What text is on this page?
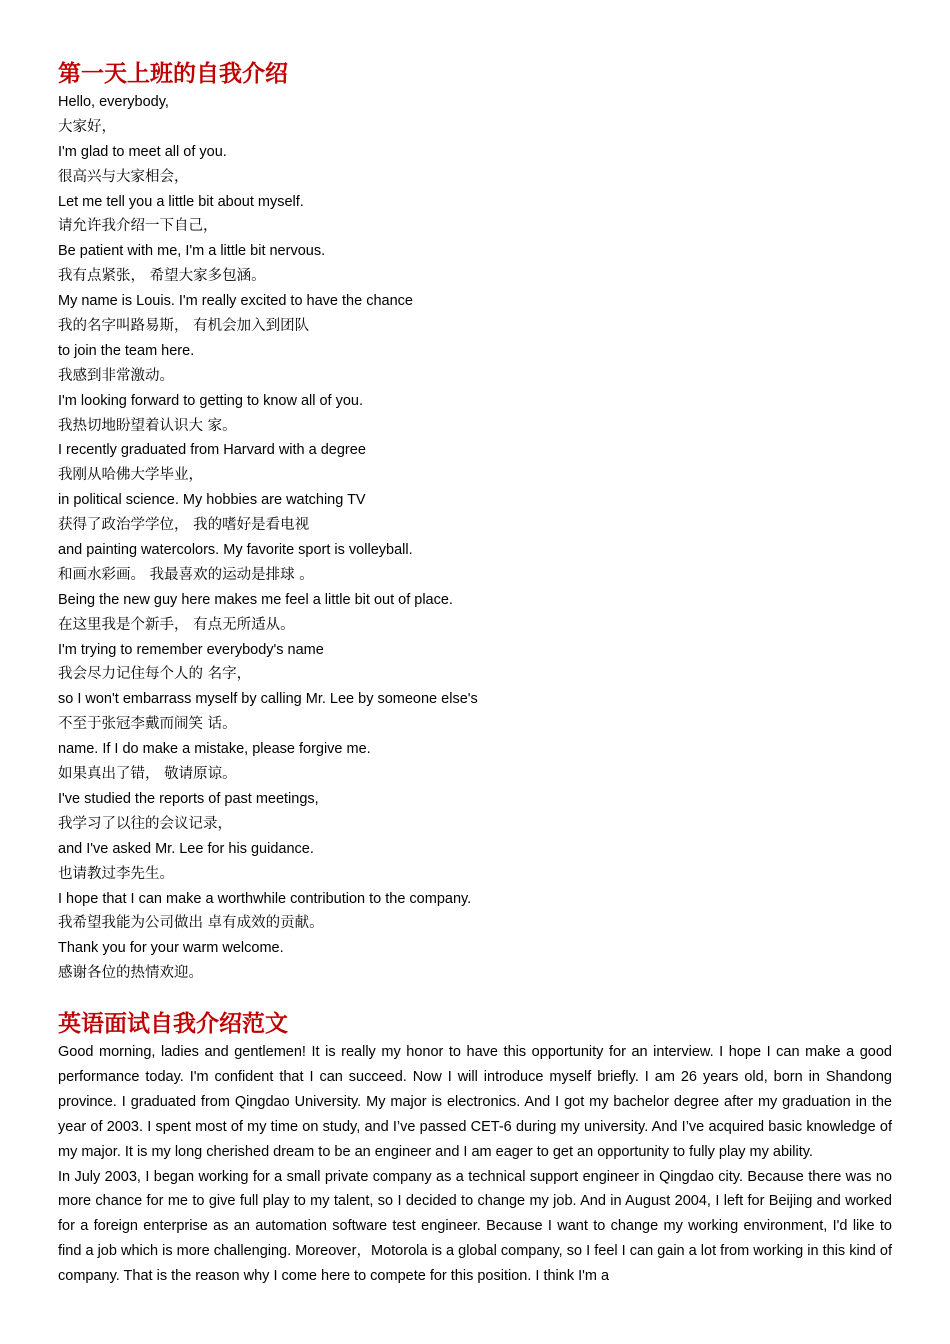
第一天上班的自我介绍

Hello, everybody,

大家好，

I'm glad to meet all of you.

很高兴与大家相会，

Let me tell you a little bit about myself.

请允许我介绍一下自己，

Be patient with me, I'm a little bit nervous.

我有点紧张， 希望大家多包涵。

My name is Louis. I'm really excited to have the chance

我的名字叫路易斯， 有机会加入到团队

to join the team here.

我感到非常激动。

I'm looking forward to getting to know all of you.

我热切地盼望着认识大 家。

I recently graduated from Harvard with a degree

我刚从哈佛大学毕业，

in political science. My hobbies are watching TV

获得了政治学学位， 我的嗜好是看电视

and painting watercolors. My favorite sport is volleyball.

和画水彩画。 我最喜欢的运动是排球 。

Being the new guy here makes me feel a little bit out of place.

在这里我是个新手， 有点无所适从。

I'm trying to remember everybody's name

我会尽力记住每个人的 名字，

so I won't embarrass myself by calling Mr. Lee by someone else's

不至于张冠李戴而闹笑 话。

name. If I do make a mistake, please forgive me.

如果真出了错， 敬请原谅。

I've studied the reports of past meetings,

我学习了以往的会议记录，

and I've asked Mr. Lee for his guidance.

也请教过李先生。

I hope that I can make a worthwhile contribution to the company.

我希望我能为公司做出 卓有成效的贡献。

Thank you for your warm welcome.

感谢各位的热情欢迎。

英语面试自我介绍范文

Good morning, ladies and gentlemen! It is really my honor to have this opportunity for an interview. I hope I can make a good performance today. I'm confident that I can succeed. Now I will introduce myself briefly. I am 26 years old, born in Shandong province. I graduated from Qingdao University. My major is electronics. And I got my bachelor degree after my graduation in the year of 2003. I spent most of my time on study, and I’ve passed CET-6 during my university. And I’ve acquired basic knowledge of my major. It is my long cherished dream to be an engineer and I am eager to get an opportunity to fully play my ability.

In July 2003, I began working for a small private company as a technical support engineer in Qingdao city. Because there was no more chance for me to give full play to my talent, so I decided to change my job. And in August 2004, I left for Beijing and worked for a foreign enterprise as an automation software test engineer. Because I want to change my working environment, I'd like to find a job which is more challenging. Moreover，Motorola is a global company, so I feel I can gain a lot from working in this kind of company. That is the reason why I come here to compete for this position. I think I'm a
